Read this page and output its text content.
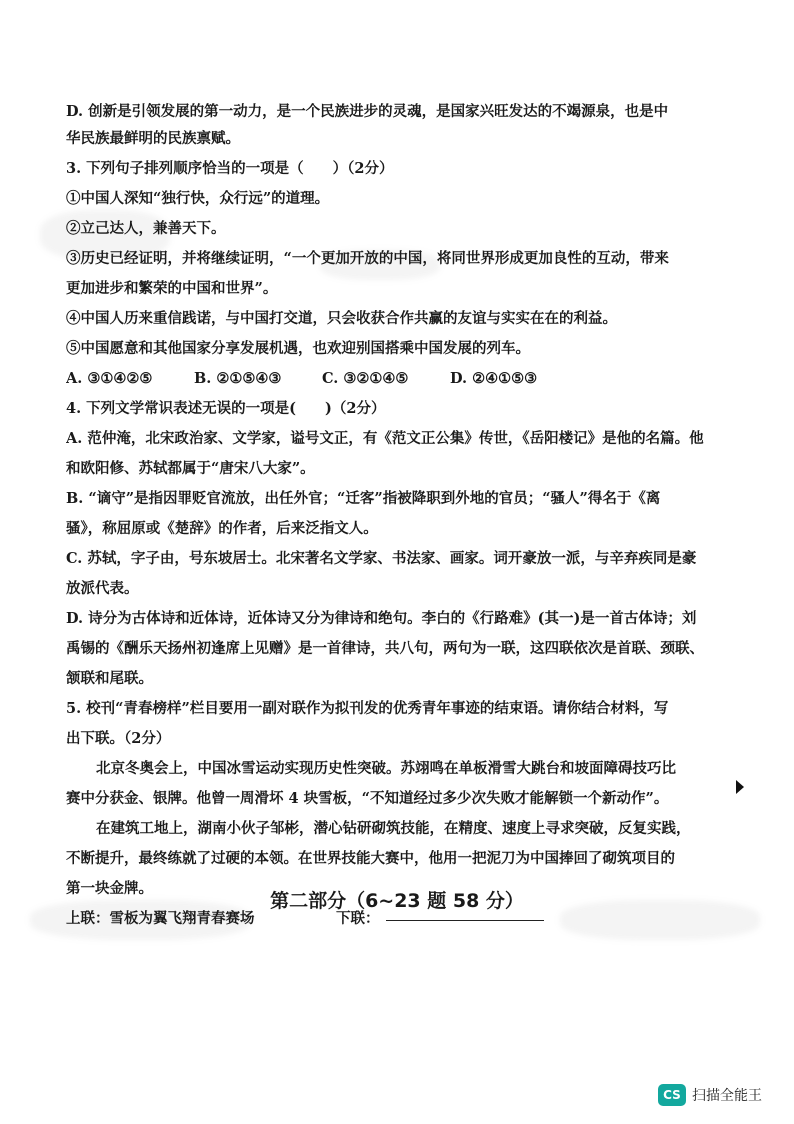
D. 创新是引领发展的第一动力，是一个民族进步的灵魂，是国家兴旺发达的不竭源泉，也是中
华民族最鲜明的民族禀赋。
3. 下列句子排列顺序恰当的一项是（　　）（2分）
①中国人深知“独行快，众行远”的道理。
②立己达人，兼善天下。
③历史已经证明，并将继续证明，“一个更加开放的中国，将同世界形成更加良性的互动，带来
更加进步和繁荣的中国和世界”。
④中国人历来重信践诺，与中国打交道，只会收获合作共赢的友谊与实实在在的利益。
⑤中国愿意和其他国家分享发展机遇，也欢迎别国搭乘中国发展的列车。
A. ③①④②⑤	B. ②①⑤④③	C. ③②①④⑤	D. ②④①⑤③
4. 下列文学常识表述无误的一项是(　　)（2分）
A. 范仲淹，北宋政治家、文学家，谥号文正，有《范文正公集》传世，《岳阳楼记》是他的名篇。他
和欧阳修、苏轼都属于“唐宋八大家”。
B. “谪守”是指因罪贬官流放，出任外官；“迁客”指被降职到外地的官员；“骚人”得名于《离
骚》，称屈原或《楚辞》的作者，后来泛指文人。
C. 苏轼，字子由，号东坡居士。北宋著名文学家、书法家、画家。词开豪放一派，与辛弃疾同是豪
放派代表。
D. 诗分为古体诗和近体诗，近体诗又分为律诗和绝句。李白的《行路难》(其一)是一首古体诗；刘
禹锡的《酬乐天扬州初逢席上见赠》是一首律诗，共八句，两句为一联，这四联依次是首联、颈联、
颔联和尾联。
5. 校刊“青春榜样”栏目要用一副对联作为拟刊发的优秀青年事迹的结束语。请你结合材料，写
出下联。（2分）
北京冬奥会上，中国冰雪运动实现历史性突破。苏翊鸣在单板滑雪大跳台和坡面障碍技巧比
赛中分获金、银牌。他曾一周滑坏 4 块雪板，“不知道经过多少次失败才能解锁一个新动作”。
在建筑工地上，湖南小伙子邹彬，潜心钻研砌筑技能，在精度、速度上寻求突破，反复实践，
不断提升，最终练就了过硬的本领。在世界技能大赛中，他用一把泥刀为中国捧回了砌筑项目的
第一块金牌。
上联：雪板为翼飞翔青春赛场	下联：
第二部分（6~23 题 58 分）
CS 扫描全能王
